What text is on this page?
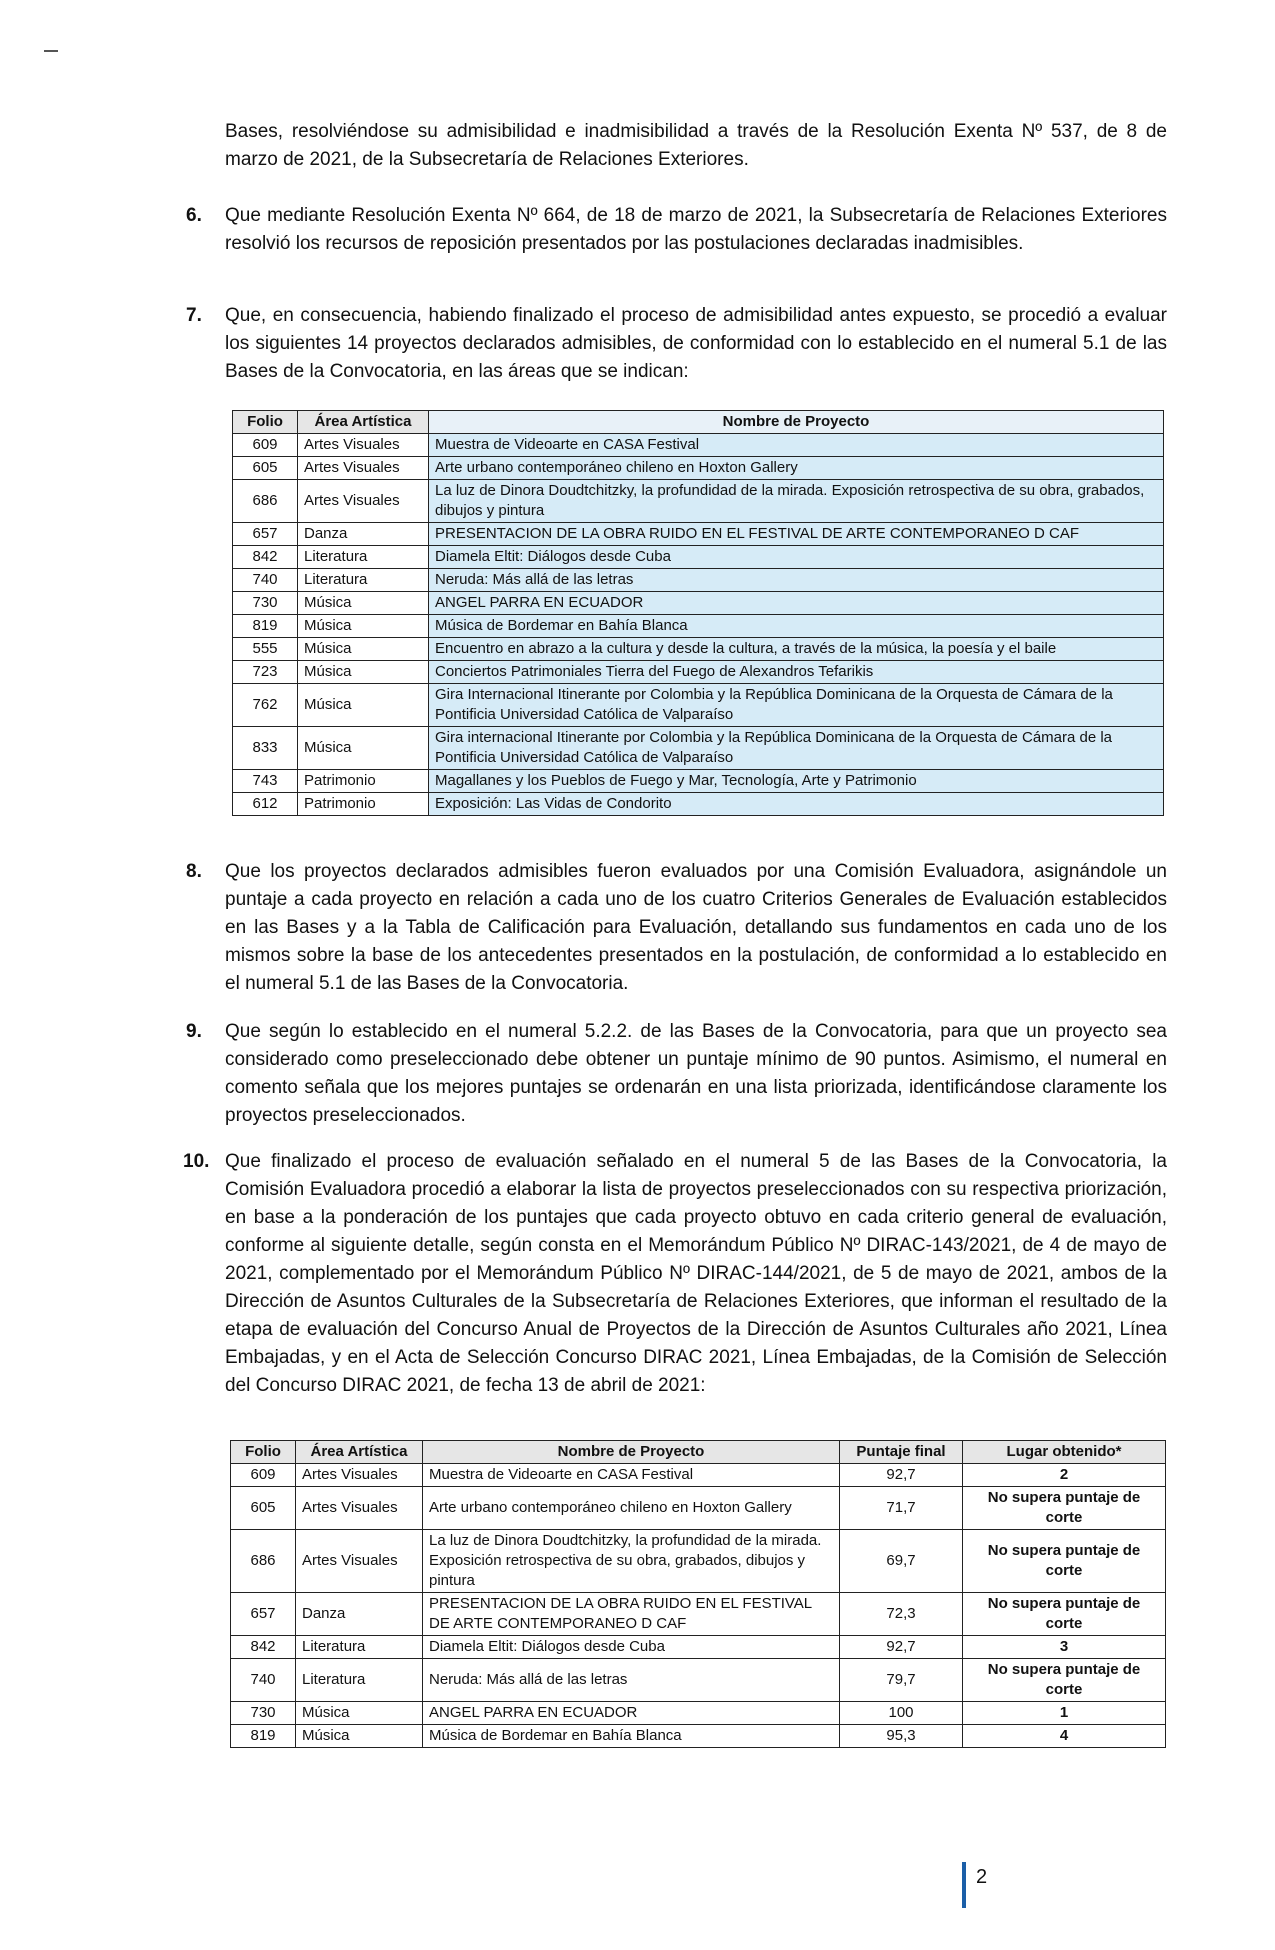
Bases, resolviéndose su admisibilidad e inadmisibilidad a través de la Resolución Exenta Nº 537, de 8 de marzo de 2021, de la Subsecretaría de Relaciones Exteriores.

6. Que mediante Resolución Exenta Nº 664, de 18 de marzo de 2021, la Subsecretaría de Relaciones Exteriores resolvió los recursos de reposición presentados por las postulaciones declaradas inadmisibles.

7. Que, en consecuencia, habiendo finalizado el proceso de admisibilidad antes expuesto, se procedió a evaluar los siguientes 14 proyectos declarados admisibles, de conformidad con lo establecido en el numeral 5.1 de las Bases de la Convocatoria, en las áreas que se indican:

Folio	Área Artística	Nombre de Proyecto
609	Artes Visuales	Muestra de Videoarte en CASA Festival
605	Artes Visuales	Arte urbano contemporáneo chileno en Hoxton Gallery
686	Artes Visuales	La luz de Dinora Doudtchitzky, la profundidad de la mirada. Exposición retrospectiva de su obra, grabados, dibujos y pintura
657	Danza	PRESENTACION DE LA OBRA RUIDO EN EL FESTIVAL DE ARTE CONTEMPORANEO D CAF
842	Literatura	Diamela Eltit: Diálogos desde Cuba
740	Literatura	Neruda: Más allá de las letras
730	Música	ANGEL PARRA EN ECUADOR
819	Música	Música de Bordemar en Bahía Blanca
555	Música	Encuentro en abrazo a la cultura y desde la cultura, a través de la música, la poesía y el baile
723	Música	Conciertos Patrimoniales Tierra del Fuego de Alexandros Tefarikis
762	Música	Gira Internacional Itinerante por Colombia y la República Dominicana de la Orquesta de Cámara de la Pontificia Universidad Católica de Valparaíso
833	Música	Gira internacional Itinerante por Colombia y la República Dominicana de la Orquesta de Cámara de la Pontificia Universidad Católica de Valparaíso
743	Patrimonio	Magallanes y los Pueblos de Fuego y Mar, Tecnología, Arte y Patrimonio
612	Patrimonio	Exposición: Las Vidas de Condorito
8. Que los proyectos declarados admisibles fueron evaluados por una Comisión Evaluadora, asignándole un puntaje a cada proyecto en relación a cada uno de los cuatro Criterios Generales de Evaluación establecidos en las Bases y a la Tabla de Calificación para Evaluación, detallando sus fundamentos en cada uno de los mismos sobre la base de los antecedentes presentados en la postulación, de conformidad a lo establecido en el numeral 5.1 de las Bases de la Convocatoria.

9. Que según lo establecido en el numeral 5.2.2. de las Bases de la Convocatoria, para que un proyecto sea considerado como preseleccionado debe obtener un puntaje mínimo de 90 puntos. Asimismo, el numeral en comento señala que los mejores puntajes se ordenarán en una lista priorizada, identificándose claramente los proyectos preseleccionados.

10. Que finalizado el proceso de evaluación señalado en el numeral 5 de las Bases de la Convocatoria, la Comisión Evaluadora procedió a elaborar la lista de proyectos preseleccionados con su respectiva priorización, en base a la ponderación de los puntajes que cada proyecto obtuvo en cada criterio general de evaluación, conforme al siguiente detalle, según consta en el Memorándum Público Nº DIRAC-143/2021, de 4 de mayo de 2021, complementado por el Memorándum Público Nº DIRAC-144/2021, de 5 de mayo de 2021, ambos de la Dirección de Asuntos Culturales de la Subsecretaría de Relaciones Exteriores, que informan el resultado de la etapa de evaluación del Concurso Anual de Proyectos de la Dirección de Asuntos Culturales año 2021, Línea Embajadas, y en el Acta de Selección Concurso DIRAC 2021, Línea Embajadas, de la Comisión de Selección del Concurso DIRAC 2021, de fecha 13 de abril de 2021:

Folio	Área Artística	Nombre de Proyecto	Puntaje final	Lugar obtenido*
609	Artes Visuales	Muestra de Videoarte en CASA Festival	92,7	2
605	Artes Visuales	Arte urbano contemporáneo chileno en Hoxton Gallery	71,7	No supera puntaje de corte
686	Artes Visuales	La luz de Dinora Doudtchitzky, la profundidad de la mirada. Exposición retrospectiva de su obra, grabados, dibujos y pintura	69,7	No supera puntaje de corte
657	Danza	PRESENTACION DE LA OBRA RUIDO EN EL FESTIVAL DE ARTE CONTEMPORANEO D CAF	72,3	No supera puntaje de corte
842	Literatura	Diamela Eltit: Diálogos desde Cuba	92,7	3
740	Literatura	Neruda: Más allá de las letras	79,7	No supera puntaje de corte
730	Música	ANGEL PARRA EN ECUADOR	100	1
819	Música	Música de Bordemar en Bahía Blanca	95,3	4
2
